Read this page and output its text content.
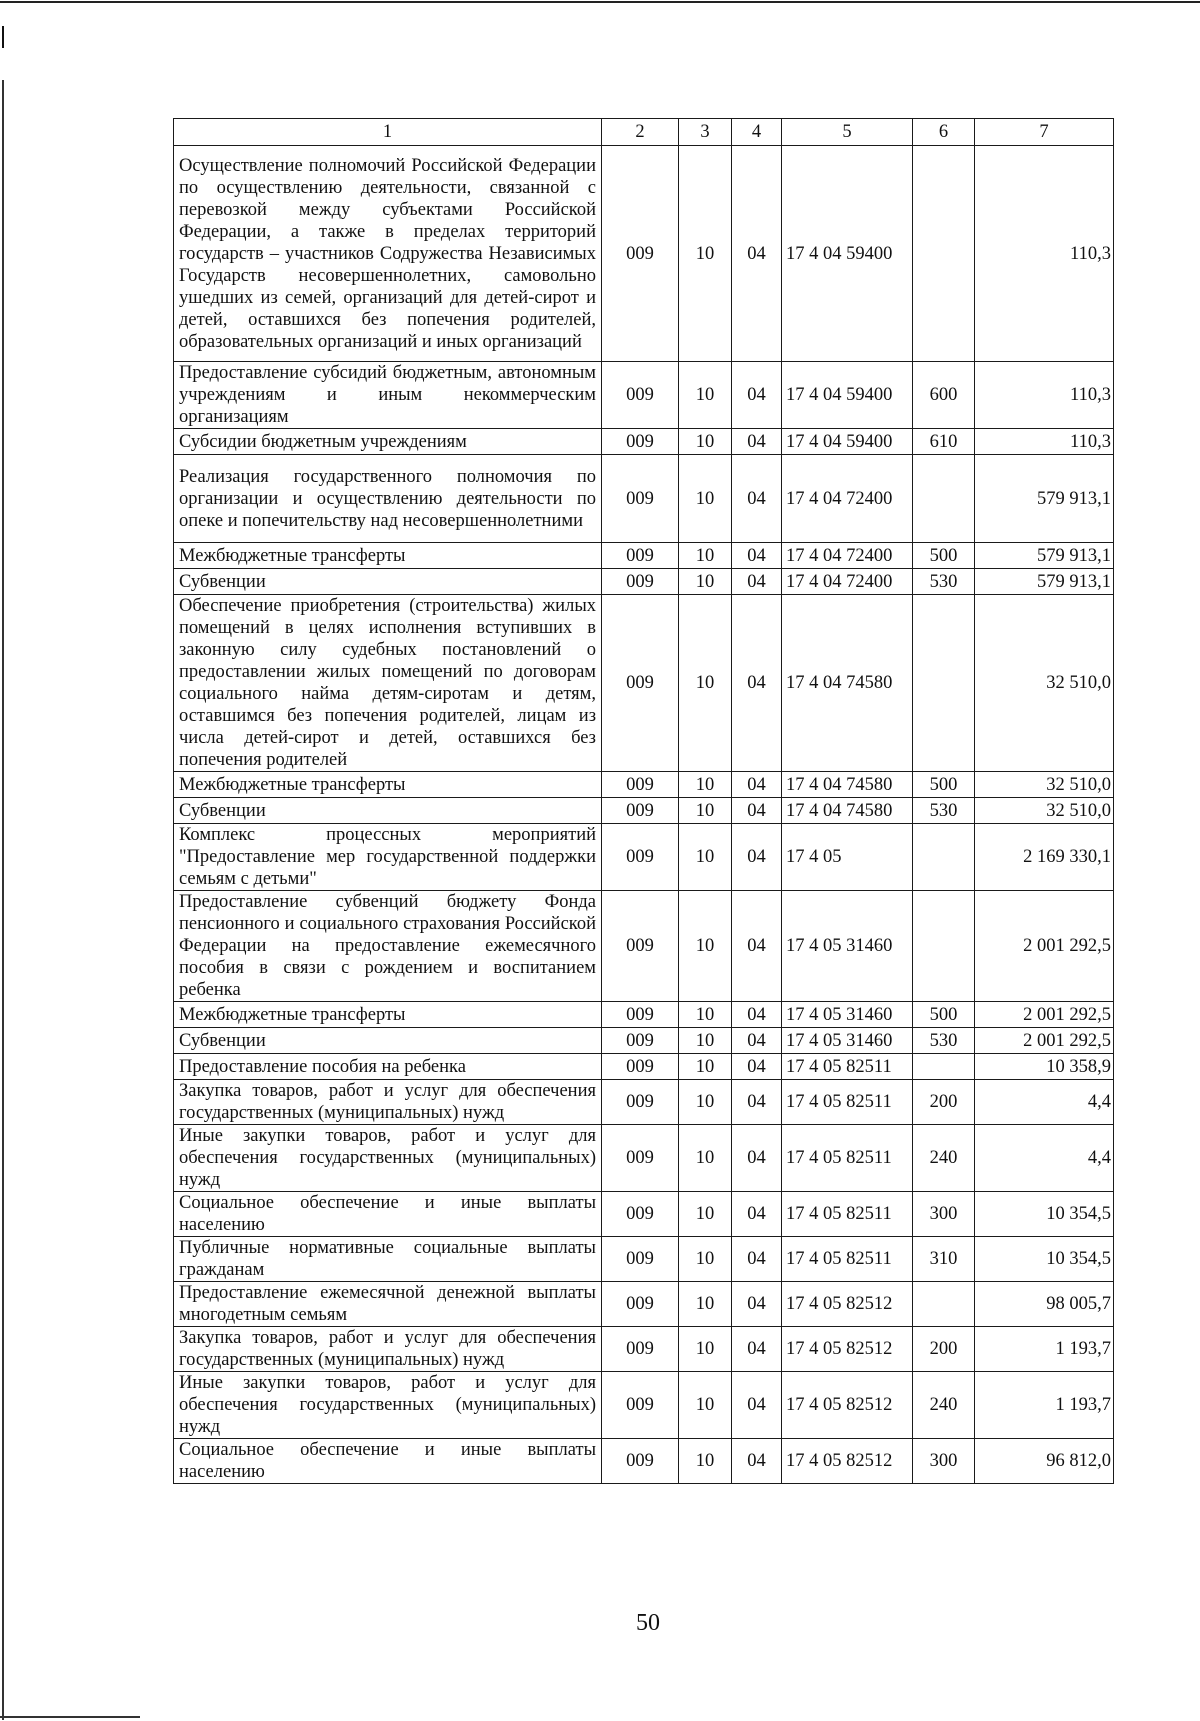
1	2	3	4	5	6	7
Осуществление полномочий Российской Федерации по осуществлению деятельности, связанной с перевозкой между субъектами Российской Федерации, а также в пределах территорий государств – участников Содружества Независимых Государств несовершеннолетних, самовольно ушедших из семей, организаций для детей-сирот и детей, оставшихся без попечения родителей, образовательных организаций и иных организаций	009	10	04	17 4 04 59400		110,3
Предоставление субсидий бюджетным, автономным учреждениям и иным некоммерческим организациям	009	10	04	17 4 04 59400	600	110,3
Субсидии бюджетным учреждениям	009	10	04	17 4 04 59400	610	110,3
Реализация государственного полномочия по организации и осуществлению деятельности по опеке и попечительству над несовершеннолетними	009	10	04	17 4 04 72400		579 913,1
Межбюджетные трансферты	009	10	04	17 4 04 72400	500	579 913,1
Субвенции	009	10	04	17 4 04 72400	530	579 913,1
Обеспечение приобретения (строительства) жилых помещений в целях исполнения вступивших в законную силу судебных постановлений о предоставлении жилых помещений по договорам социального найма детям-сиротам и детям, оставшимся без попечения родителей, лицам из числа детей-сирот и детей, оставшихся без попечения родителей	009	10	04	17 4 04 74580		32 510,0
Межбюджетные трансферты	009	10	04	17 4 04 74580	500	32 510,0
Субвенции	009	10	04	17 4 04 74580	530	32 510,0
Комплекс процессных мероприятий "Предоставление мер государственной поддержки семьям с детьми"	009	10	04	17 4 05		2 169 330,1
Предоставление субвенций бюджету Фонда пенсионного и социального страхования Российской Федерации на предоставление ежемесячного пособия в связи с рождением и воспитанием ребенка	009	10	04	17 4 05 31460		2 001 292,5
Межбюджетные трансферты	009	10	04	17 4 05 31460	500	2 001 292,5
Субвенции	009	10	04	17 4 05 31460	530	2 001 292,5
Предоставление пособия на ребенка	009	10	04	17 4 05 82511		10 358,9
Закупка товаров, работ и услуг для обеспечения государственных (муниципальных) нужд	009	10	04	17 4 05 82511	200	4,4
Иные закупки товаров, работ и услуг для обеспечения государственных (муниципальных) нужд	009	10	04	17 4 05 82511	240	4,4
Социальное обеспечение и иные выплаты населению	009	10	04	17 4 05 82511	300	10 354,5
Публичные нормативные социальные выплаты гражданам	009	10	04	17 4 05 82511	310	10 354,5
Предоставление ежемесячной денежной выплаты многодетным семьям	009	10	04	17 4 05 82512		98 005,7
Закупка товаров, работ и услуг для обеспечения государственных (муниципальных) нужд	009	10	04	17 4 05 82512	200	1 193,7
Иные закупки товаров, работ и услуг для обеспечения государственных (муниципальных) нужд	009	10	04	17 4 05 82512	240	1 193,7
Социальное обеспечение и иные выплаты населению	009	10	04	17 4 05 82512	300	96 812,0
50
